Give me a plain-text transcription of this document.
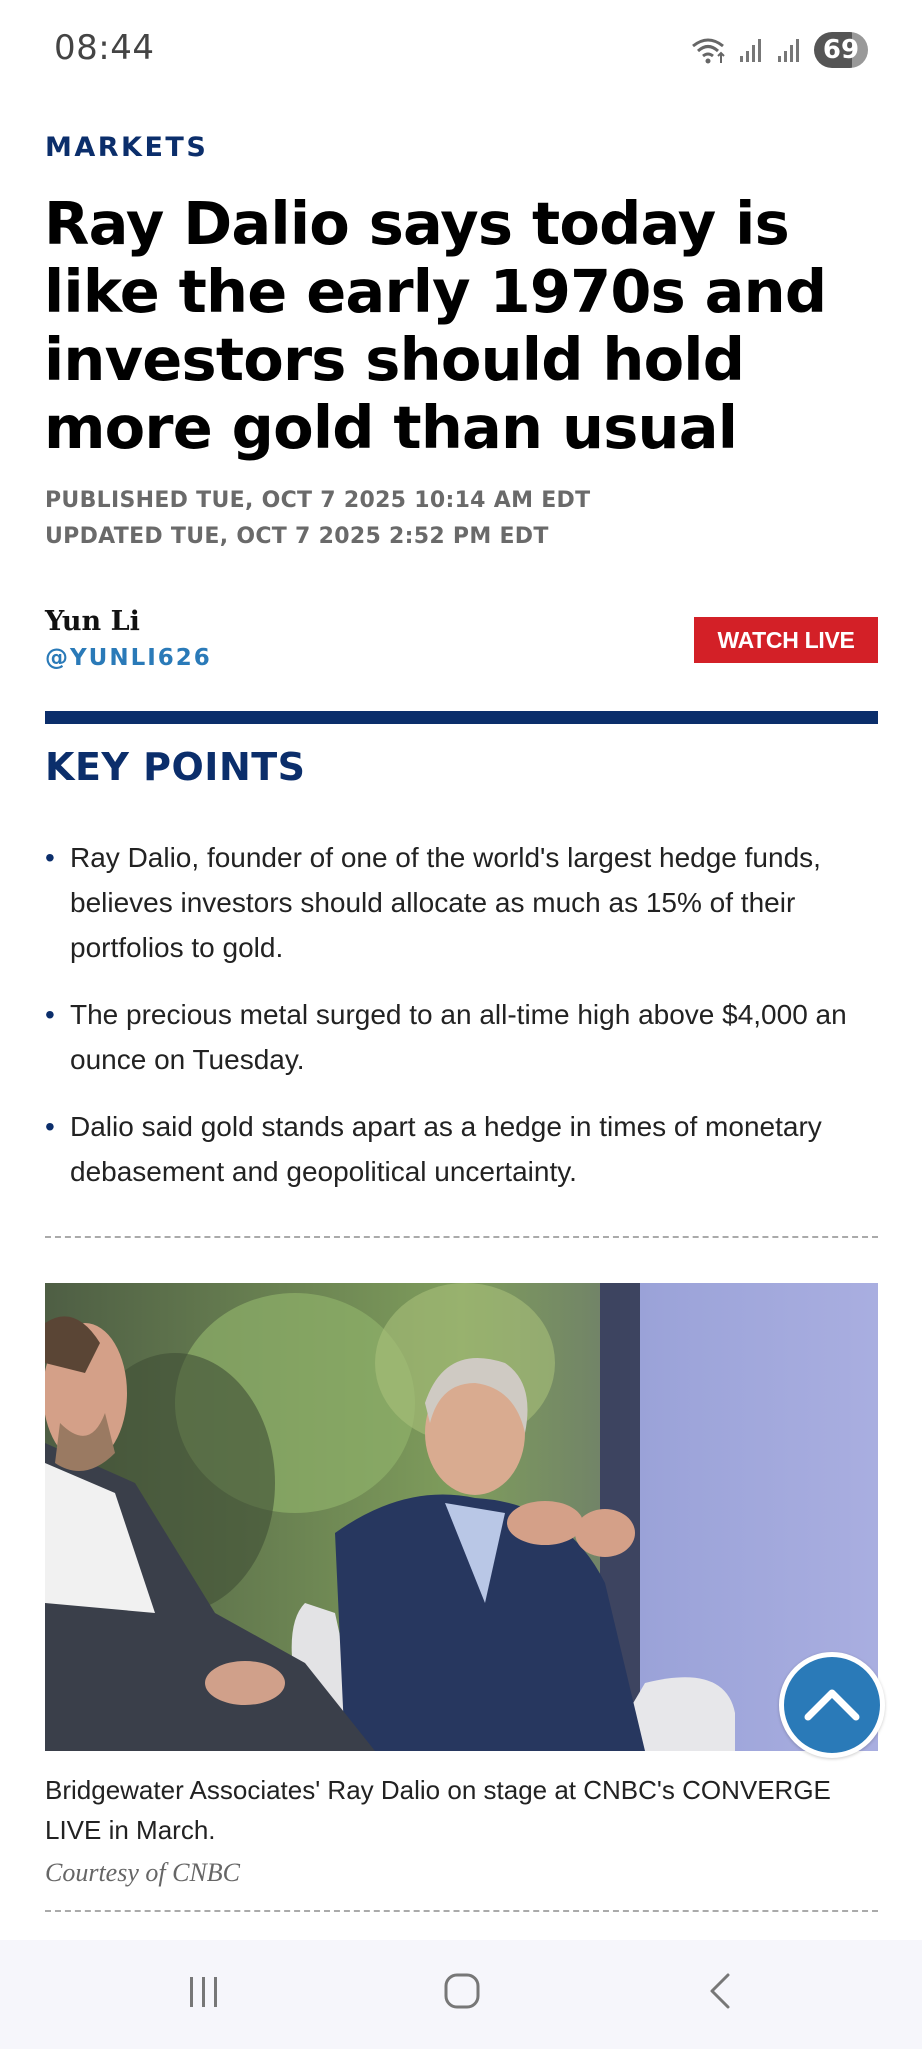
08:44	69
MARKETS
Ray Dalio says today is like the early 1970s and investors should hold more gold than usual
PUBLISHED TUE, OCT 7 2025 10:14 AM EDT
UPDATED TUE, OCT 7 2025 2:52 PM EDT
Yun Li
@YUNLI626
WATCH LIVE
KEY POINTS
• Ray Dalio, founder of one of the world's largest hedge funds, believes investors should allocate as much as 15% of their portfolios to gold.
• The precious metal surged to an all-time high above $4,000 an ounce on Tuesday.
• Dalio said gold stands apart as a hedge in times of monetary debasement and geopolitical uncertainty.
Bridgewater Associates' Ray Dalio on stage at CNBC's CONVERGE LIVE in March.
Courtesy of CNBC
